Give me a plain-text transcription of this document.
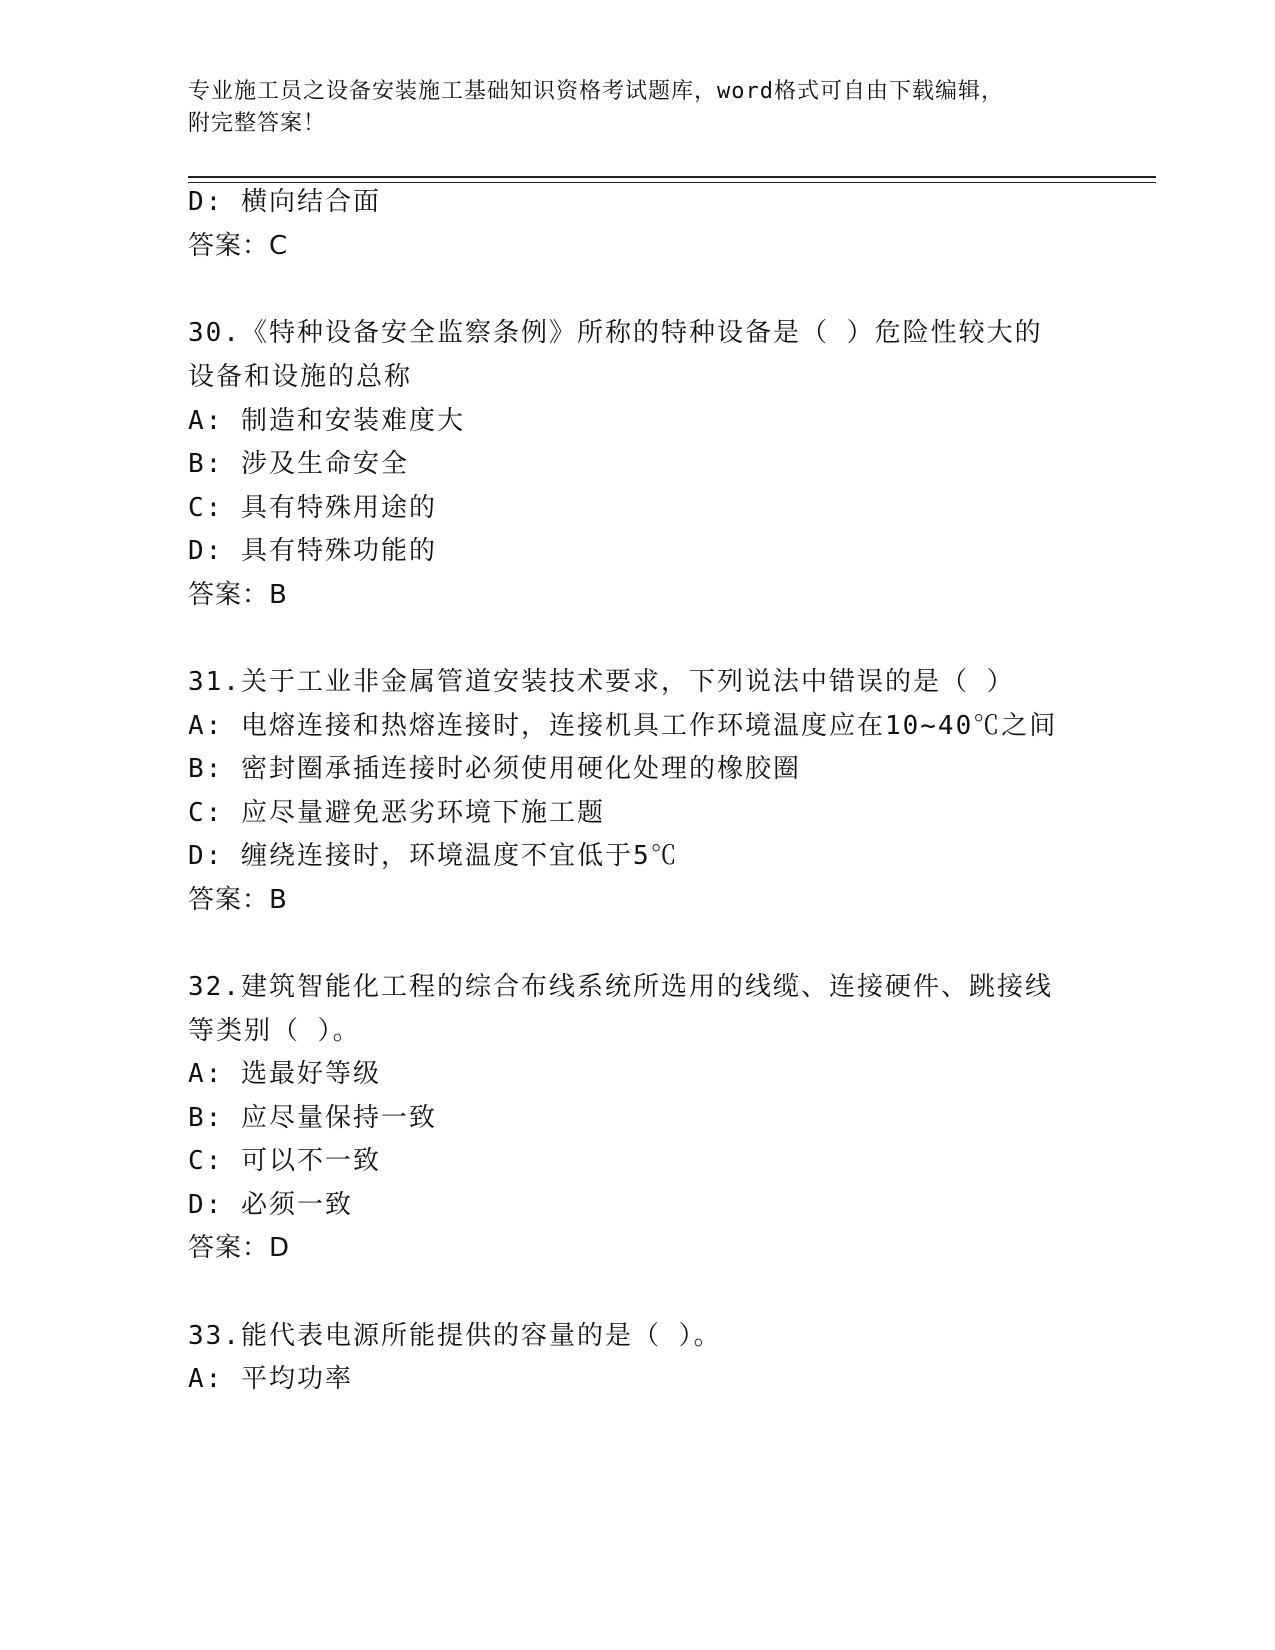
专业施工员之设备安装施工基础知识资格考试题库，word格式可自由下载编辑，
附完整答案！
D: 横向结合面
答案：C
30.《特种设备安全监察条例》所称的特种设备是（ ）危险性较大的
设备和设施的总称
A: 制造和安装难度大
B: 涉及生命安全
C: 具有特殊用途的
D: 具有特殊功能的
答案：B
31.关于工业非金属管道安装技术要求，下列说法中错误的是（ ）
A: 电熔连接和热熔连接时，连接机具工作环境温度应在10~40℃之间
B: 密封圈承插连接时必须使用硬化处理的橡胶圈
C: 应尽量避免恶劣环境下施工题
D: 缠绕连接时，环境温度不宜低于5℃
答案：B
32.建筑智能化工程的综合布线系统所选用的线缆、连接硬件、跳接线
等类别（ ）。
A: 选最好等级
B: 应尽量保持一致
C: 可以不一致
D: 必须一致
答案：D
33.能代表电源所能提供的容量的是（ ）。
A: 平均功率
